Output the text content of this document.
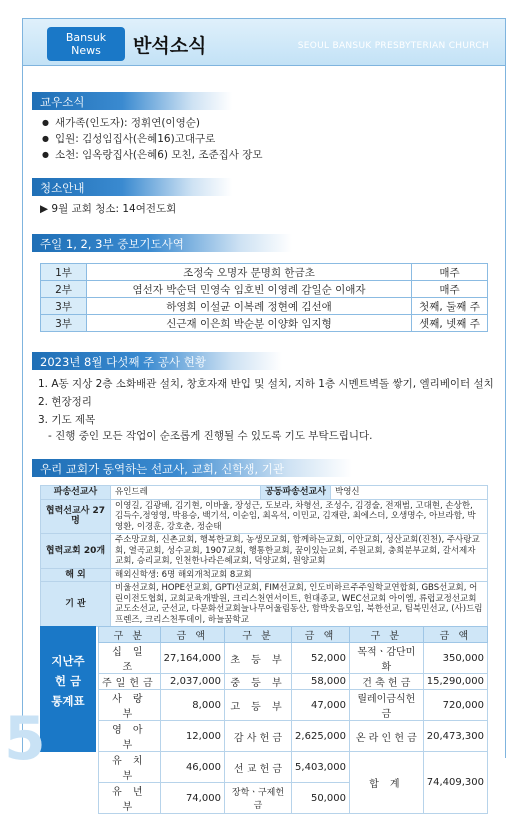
Bansuk
News	반석소식	SEOUL BANSUK PRESBYTERIAN CHURCH
교우소식
● 새가족(인도자): 정휘연(이영순)
● 입원: 김성임집사(은혜16)고대구로
● 소천: 임옥랑집사(은혜6) 모친, 조준집사 장모
청소안내
▶ 9월 교회 청소: 14여전도회
주일 1, 2, 3부 중보기도사역
1부	조정숙 오명자 문명희 한금초	매주
2부	염선자 박순덕 민영숙 임호빈 이영례 감일순 이애자	매주
3부	하영희 이설균 이복례 정현예 김선애	첫째, 둘째 주
3부	신근재 이은희 박순분 이양화 임지형	셋째, 넷째 주
2023년 8월 다섯째 주 공사 현황
1. A동 지상 2층 소화배관 설치, 창호자재 반입 및 설치, 지하 1층 시멘트벽돌 쌓기, 엘리베이터 설치
2. 현장정리
3. 기도 제목
- 진행 중인 모든 작업이 순조롭게 진행될 수 있도록 기도 부탁드립니다.
우리 교회가 동역하는 선교사, 교회, 신학생, 기관
파송선교사	유인드레	공동파송선교사	박영신
협력선교사 27명	이영길, 김광배, 김기현, 이바울, 장성근, 도보라, 차형선, 조성수, 김경술, 전재범, 고대현, 손상한, 김득수,정영영, 박용승, 백기석, 이순임, 최옥석, 이민교, 김재란, 최에스더, 오생명수, 아브라함, 박영환, 이경훈, 강호춘, 정순태		
협력교회 20개	주소망교회, 신촌교회, 행복한교회, 농생모교회, 함께하는교회, 이안교회, 성산교회(진천), 주사랑교회, 열곡교회, 성수교회, 1907교회, 행통한교회, 꿈이있는교회, 주원교회, 충희분부교회, 갈서제자교회, 승리교회, 인천한나라은혜교회, 덕양교회, 원양교회		
해 외	해외신학생: 6명 해외개척교회 8교회		
기 관	비울선교회, HOPE선교회, GPTI선교회, FIM선교회, 인도비하르주주일학교연합회, GBS선교회, 어린이전도협회, 교회교육개발원, 크리스천연서이트, 헌대종교, WEC선교회 아이엠, 류럽교정선교회교도소선교, 군선교, 다문화선교회늘나무어울림동산, 함박웃음모임, 북한선교, 팀북민선교, (사)드림프렌즈, 크리스천투데이, 하늘꿈학교		
지난주
헌 금
통계표
구 분	금 액	구 분	금 액	구 분	금 액
십 일 조	27,164,000	초 등 부	52,000	목적ㆍ감단미화	350,000
주일헌금	2,037,000	중 등 부	58,000	건 축 헌 금	15,290,000
사 랑 부	8,000	고 등 부	47,000	릴레이금식헌금	720,000
영 아 부	12,000	감 사 헌 금	2,625,000	온 라 인 헌 금	20,473,300
유 치 부	46,000	선 교 헌 금	5,403,000	합 계	74,409,300
유 년 부	74,000	장학ㆍ구제헌금	50,000		
5
